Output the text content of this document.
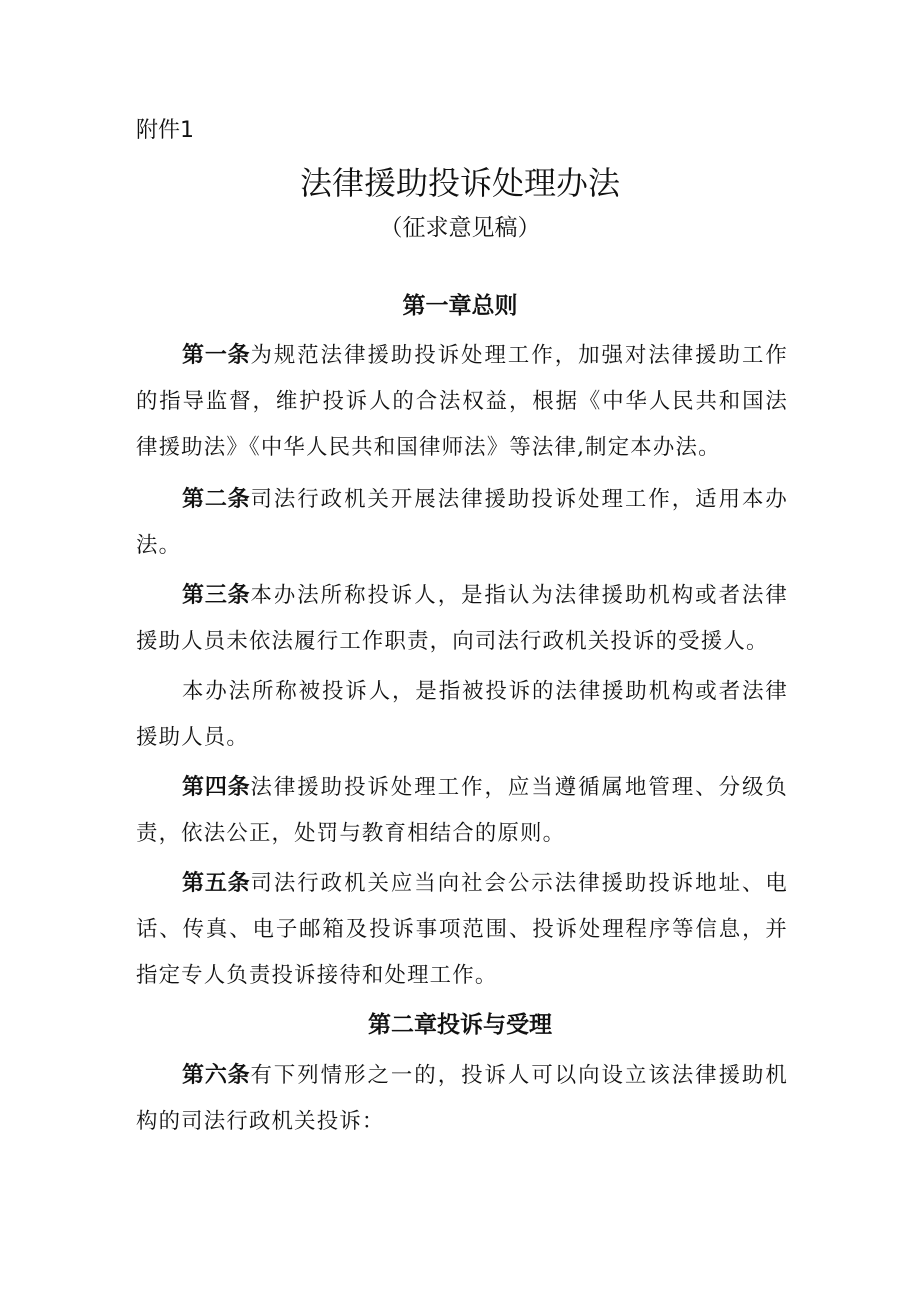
附件1

法律援助投诉处理办法

（征求意见稿）

第一章总则

第一条为规范法律援助投诉处理工作，加强对法律援助工作的指导监督，维护投诉人的合法权益，根据《中华人民共和国法律援助法》《中华人民共和国律师法》等法律,制定本办法。

第二条司法行政机关开展法律援助投诉处理工作，适用本办法。

第三条本办法所称投诉人，是指认为法律援助机构或者法律援助人员未依法履行工作职责，向司法行政机关投诉的受援人。

本办法所称被投诉人，是指被投诉的法律援助机构或者法律援助人员。

第四条法律援助投诉处理工作，应当遵循属地管理、分级负责，依法公正，处罚与教育相结合的原则。

第五条司法行政机关应当向社会公示法律援助投诉地址、电话、传真、电子邮箱及投诉事项范围、投诉处理程序等信息，并指定专人负责投诉接待和处理工作。

第二章投诉与受理

第六条有下列情形之一的，投诉人可以向设立该法律援助机构的司法行政机关投诉：
